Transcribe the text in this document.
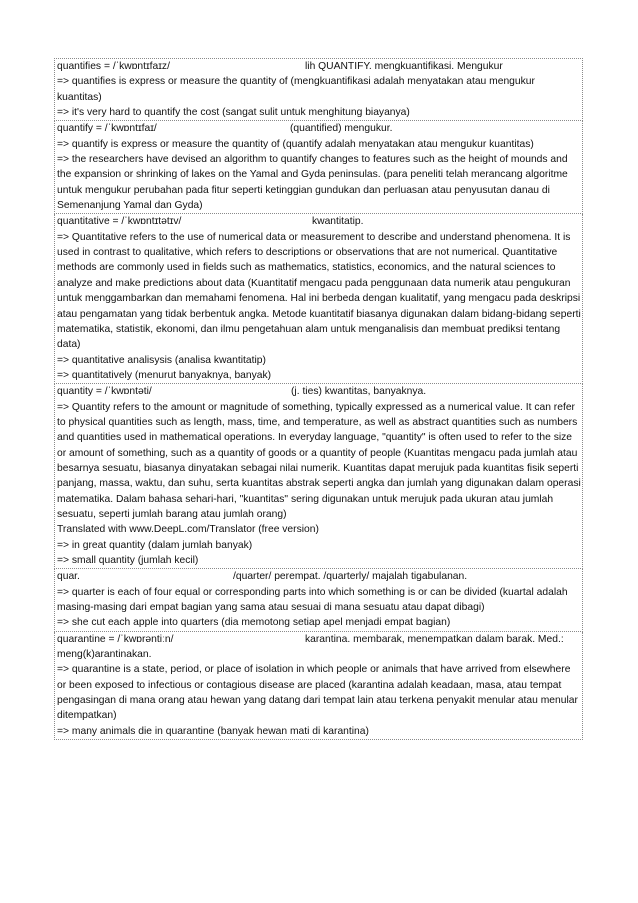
quantifies = /ˈkwɒntɪfaɪz/	lih QUANTIFY. mengkuantifikasi. Mengukur
=> quantifies is express or measure the quantity of (mengkuantifikasi adalah menyatakan atau mengukur kuantitas)
=> it's very hard to quantify the cost (sangat sulit untuk menghitung biayanya)
quantify = /ˈkwɒntɪfaɪ/	(quantified) mengukur.
=> quantify is express or measure the quantity of (quantify adalah menyatakan atau mengukur kuantitas)
=> the researchers have devised an algorithm to quantify changes to features such as the height of mounds and the expansion or shrinking of lakes on the Yamal and Gyda peninsulas. (para peneliti telah merancang algoritme untuk mengukur perubahan pada fitur seperti ketinggian gundukan dan perluasan atau penyusutan danau di Semenanjung Yamal dan Gyda)
quantitative = /ˈkwɒntɪtətɪv/	kwantitatip.
=> Quantitative refers to the use of numerical data or measurement to describe and understand phenomena. It is used in contrast to qualitative, which refers to descriptions or observations that are not numerical. Quantitative methods are commonly used in fields such as mathematics, statistics, economics, and the natural sciences to analyze and make predictions about data (Kuantitatif mengacu pada penggunaan data numerik atau pengukuran untuk menggambarkan dan memahami fenomena. Hal ini berbeda dengan kualitatif, yang mengacu pada deskripsi atau pengamatan yang tidak berbentuk angka. Metode kuantitatif biasanya digunakan dalam bidang-bidang seperti matematika, statistik, ekonomi, dan ilmu pengetahuan alam untuk menganalisis dan membuat prediksi tentang data)
=> quantitative analisysis (analisa kwantitatip)
=> quantitatively (menurut banyaknya, banyak)
quantity = /ˈkwɒntəti/	(j. ties) kwantitas, banyaknya.
=> Quantity refers to the amount or magnitude of something, typically expressed as a numerical value. It can refer to physical quantities such as length, mass, time, and temperature, as well as abstract quantities such as numbers and quantities used in mathematical operations. In everyday language, "quantity" is often used to refer to the size or amount of something, such as a quantity of goods or a quantity of people (Kuantitas mengacu pada jumlah atau besarnya sesuatu, biasanya dinyatakan sebagai nilai numerik. Kuantitas dapat merujuk pada kuantitas fisik seperti panjang, massa, waktu, dan suhu, serta kuantitas abstrak seperti angka dan jumlah yang digunakan dalam operasi matematika. Dalam bahasa sehari-hari, "kuantitas" sering digunakan untuk merujuk pada ukuran atau jumlah sesuatu, seperti jumlah barang atau jumlah orang)
Translated with www.DeepL.com/Translator (free version)
=> in great quantity (dalam jumlah banyak)
=> small quantity (jumlah kecil)
quar.	/quarter/ perempat. /quarterly/ majalah tigabulanan.
=> quarter is each of four equal or corresponding parts into which something is or can be divided (kuartal adalah masing-masing dari empat bagian yang sama atau sesuai di mana sesuatu atau dapat dibagi)
=> she cut each apple into quarters (dia memotong setiap apel menjadi empat bagian)
quarantine = /ˈkwɒrəntiːn/	karantina. membarak, menempatkan dalam barak. Med.:
meng(k)arantinakan.
=> quarantine is a state, period, or place of isolation in which people or animals that have arrived from elsewhere or been exposed to infectious or contagious disease are placed (karantina adalah keadaan, masa, atau tempat pengasingan di mana orang atau hewan yang datang dari tempat lain atau terkena penyakit menular atau menular ditempatkan)
=> many animals die in quarantine (banyak hewan mati di karantina)
